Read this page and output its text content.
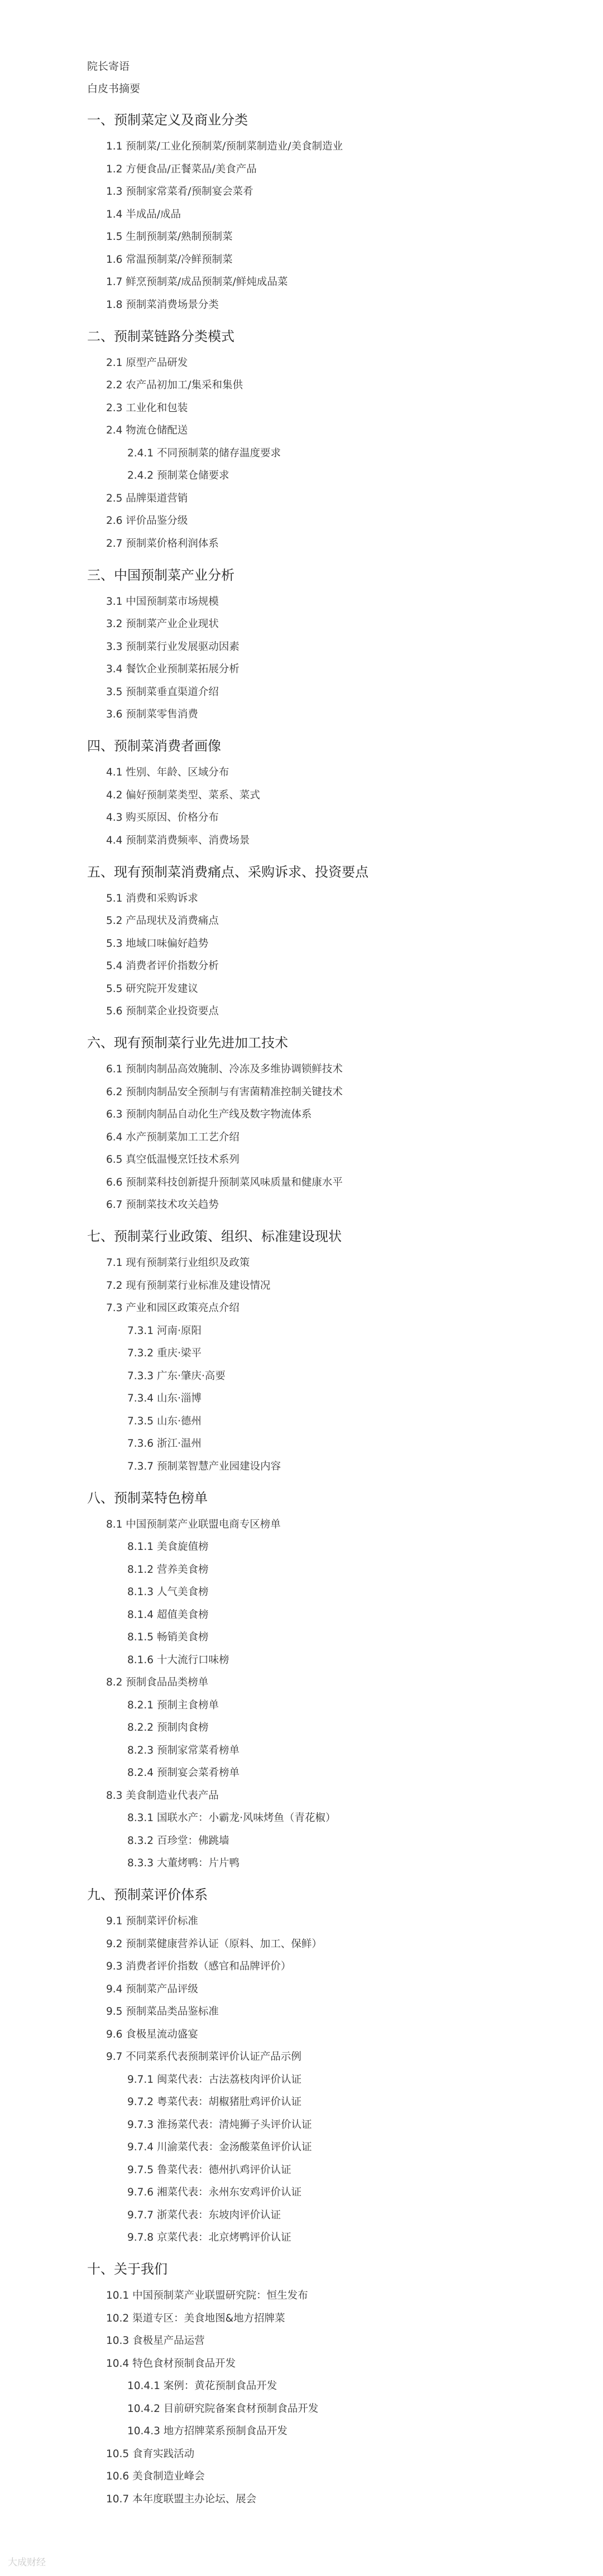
院长寄语
白皮书摘要
一、预制菜定义及商业分类
1.1 预制菜/工业化预制菜/预制菜制造业/美食制造业
1.2 方便食品/正餐菜品/美食产品
1.3 预制家常菜肴/预制宴会菜肴
1.4 半成品/成品
1.5 生制预制菜/熟制预制菜
1.6 常温预制菜/冷鲜预制菜
1.7 鲜烹预制菜/成品预制菜/鲜炖成品菜
1.8 预制菜消费场景分类
二、预制菜链路分类模式
2.1 原型产品研发
2.2 农产品初加工/集采和集供
2.3 工业化和包装
2.4 物流仓储配送
2.4.1 不同预制菜的储存温度要求
2.4.2 预制菜仓储要求
2.5 品牌渠道营销
2.6 评价品鉴分级
2.7 预制菜价格利润体系
三、中国预制菜产业分析
3.1 中国预制菜市场规模
3.2 预制菜产业企业现状
3.3 预制菜行业发展驱动因素
3.4 餐饮企业预制菜拓展分析
3.5 预制菜垂直渠道介绍
3.6 预制菜零售消费
四、预制菜消费者画像
4.1 性别、年龄、区域分布
4.2 偏好预制菜类型、菜系、菜式
4.3 购买原因、价格分布
4.4 预制菜消费频率、消费场景
五、现有预制菜消费痛点、采购诉求、投资要点
5.1 消费和采购诉求
5.2 产品现状及消费痛点
5.3 地域口味偏好趋势
5.4 消费者评价指数分析
5.5 研究院开发建议
5.6 预制菜企业投资要点
六、现有预制菜行业先进加工技术
6.1 预制肉制品高效腌制、冷冻及多维协调锁鲜技术
6.2 预制肉制品安全预制与有害菌精准控制关键技术
6.3 预制肉制品自动化生产线及数字物流体系
6.4 水产预制菜加工工艺介绍
6.5 真空低温慢烹饪技术系列
6.6 预制菜科技创新提升预制菜风味质量和健康水平
6.7 预制菜技术攻关趋势
七、预制菜行业政策、组织、标准建设现状
7.1 现有预制菜行业组织及政策
7.2 现有预制菜行业标准及建设情况
7.3 产业和园区政策亮点介绍
7.3.1 河南·原阳
7.3.2 重庆·梁平
7.3.3 广东·肇庆·高要
7.3.4 山东·淄博
7.3.5 山东·德州
7.3.6 浙江·温州
7.3.7 预制菜智慧产业园建设内容
八、预制菜特色榜单
8.1 中国预制菜产业联盟电商专区榜单
8.1.1 美食旋值榜
8.1.2 营养美食榜
8.1.3 人气美食榜
8.1.4 超值美食榜
8.1.5 畅销美食榜
8.1.6 十大流行口味榜
8.2 预制食品品类榜单
8.2.1 预制主食榜单
8.2.2 预制肉食榜
8.2.3 预制家常菜肴榜单
8.2.4 预制宴会菜肴榜单
8.3 美食制造业代表产品
8.3.1 国联水产：小霸龙·风味烤鱼（青花椒）
8.3.2 百珍堂：佛跳墙
8.3.3 大董烤鸭：片片鸭
九、预制菜评价体系
9.1 预制菜评价标准
9.2 预制菜健康营养认证（原料、加工、保鲜）
9.3 消费者评价指数（感官和品牌评价）
9.4 预制菜产品评级
9.5 预制菜品类品鉴标准
9.6 食极星流动盛宴
9.7 不同菜系代表预制菜评价认证产品示例
9.7.1 闽菜代表：古法荔枝肉评价认证
9.7.2 粤菜代表：胡椒猪肚鸡评价认证
9.7.3 淮扬菜代表：清炖狮子头评价认证
9.7.4 川渝菜代表：金汤酸菜鱼评价认证
9.7.5 鲁菜代表：德州扒鸡评价认证
9.7.6 湘菜代表：永州东安鸡评价认证
9.7.7 浙菜代表：东坡肉评价认证
9.7.8 京菜代表：北京烤鸭评价认证
十、关于我们
10.1 中国预制菜产业联盟研究院：恒生发布
10.2 渠道专区：美食地图&地方招牌菜
10.3 食极星产品运营
10.4 特色食材预制食品开发
10.4.1 案例：黄花预制食品开发
10.4.2 目前研究院备案食材预制食品开发
10.4.3 地方招牌菜系预制食品开发
10.5 食育实践活动
10.6 美食制造业峰会
10.7 本年度联盟主办论坛、展会
大成财经
